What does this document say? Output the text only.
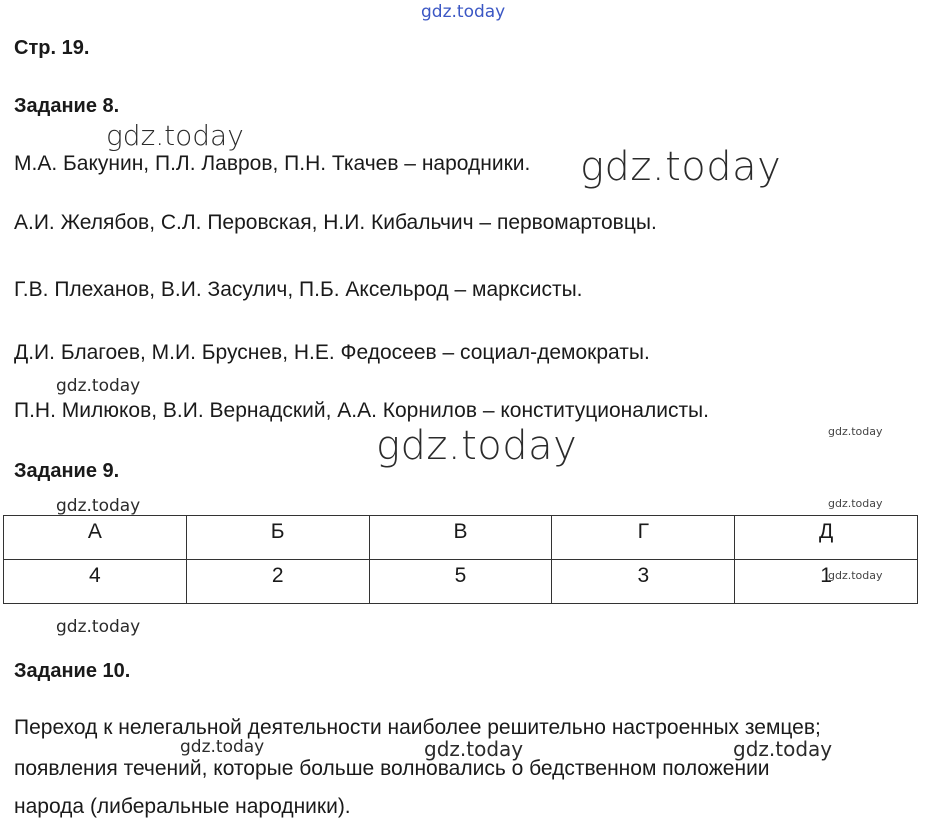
gdz.today
Стр. 19.
Задание 8.
gdz.today
М.А. Бакунин, П.Л. Лавров, П.Н. Ткачев – народники. gdz.today
А.И. Желябов, С.Л. Перовская, Н.И. Кибальчич – первомартовцы.
Г.В. Плеханов, В.И. Засулич, П.Б. Аксельрод – марксисты.
Д.И. Благоев, М.И. Бруснев, Н.Е. Федосеев – социал-демократы.
gdz.today
П.Н. Милюков, В.И. Вернадский, А.А. Корнилов – конституционалисты.
gdz.today
gdz.today
Задание 9.
gdz.today	gdz.today
А	Б	В	Г	Д
4	2	5	3	1
gdz.today
gdz.today
Задание 10.
Переход к нелегальной деятельности наиболее решительно настроенных земцев;
gdz.today	gdz.today	gdz.today
появления течений, которые больше волновались о бедственном положении
народа (либеральные народники).
